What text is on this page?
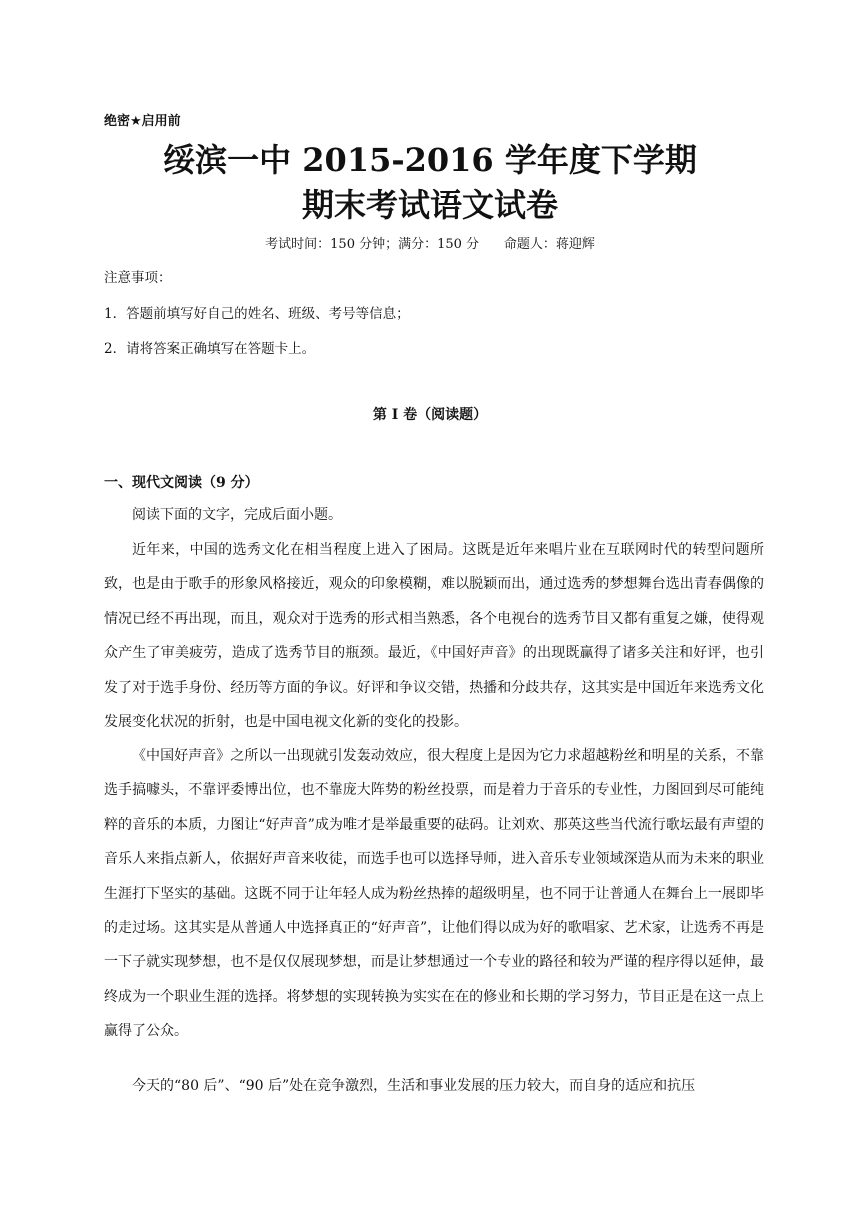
绝密★启用前
绥滨一中 2015-2016 学年度下学期
期末考试语文试卷
考试时间：150 分钟；满分：150 分      命题人：蒋迎辉
注意事项：
1．答题前填写好自己的姓名、班级、考号等信息；
2．请将答案正确填写在答题卡上。
第 I 卷（阅读题）
一、现代文阅读（9 分）

阅读下面的文字，完成后面小题。

近年来，中国的选秀文化在相当程度上进入了困局。这既是近年来唱片业在互联网时代的转型问题所致，也是由于歌手的形象风格接近，观众的印象模糊，难以脱颖而出，通过选秀的梦想舞台选出青春偶像的情况已经不再出现，而且，观众对于选秀的形式相当熟悉，各个电视台的选秀节目又都有重复之嫌，使得观众产生了审美疲劳，造成了选秀节目的瓶颈。最近，《中国好声音》的出现既赢得了诸多关注和好评，也引发了对于选手身份、经历等方面的争议。好评和争议交错，热播和分歧共存，这其实是中国近年来选秀文化发展变化状况的折射，也是中国电视文化新的变化的投影。

《中国好声音》之所以一出现就引发轰动效应，很大程度上是因为它力求超越粉丝和明星的关系，不靠选手搞噱头，不靠评委博出位，也不靠庞大阵势的粉丝投票，而是着力于音乐的专业性，力图回到尽可能纯粹的音乐的本质，力图让“好声音”成为唯才是举最重要的砝码。让刘欢、那英这些当代流行歌坛最有声望的音乐人来指点新人，依据好声音来收徒，而选手也可以选择导师，进入音乐专业领域深造从而为未来的职业生涯打下坚实的基础。这既不同于让年轻人成为粉丝热捧的超级明星，也不同于让普通人在舞台上一展即毕的走过场。这其实是从普通人中选择真正的“好声音”，让他们得以成为好的歌唱家、艺术家，让选秀不再是一下子就实现梦想，也不是仅仅展现梦想，而是让梦想通过一个专业的路径和较为严谨的程序得以延伸，最终成为一个职业生涯的选择。将梦想的实现转换为实实在在的修业和长期的学习努力，节目正是在这一点上赢得了公众。

今天的“80 后”、“90 后”处在竞争激烈，生活和事业发展的压力较大，而自身的适应和抗压
